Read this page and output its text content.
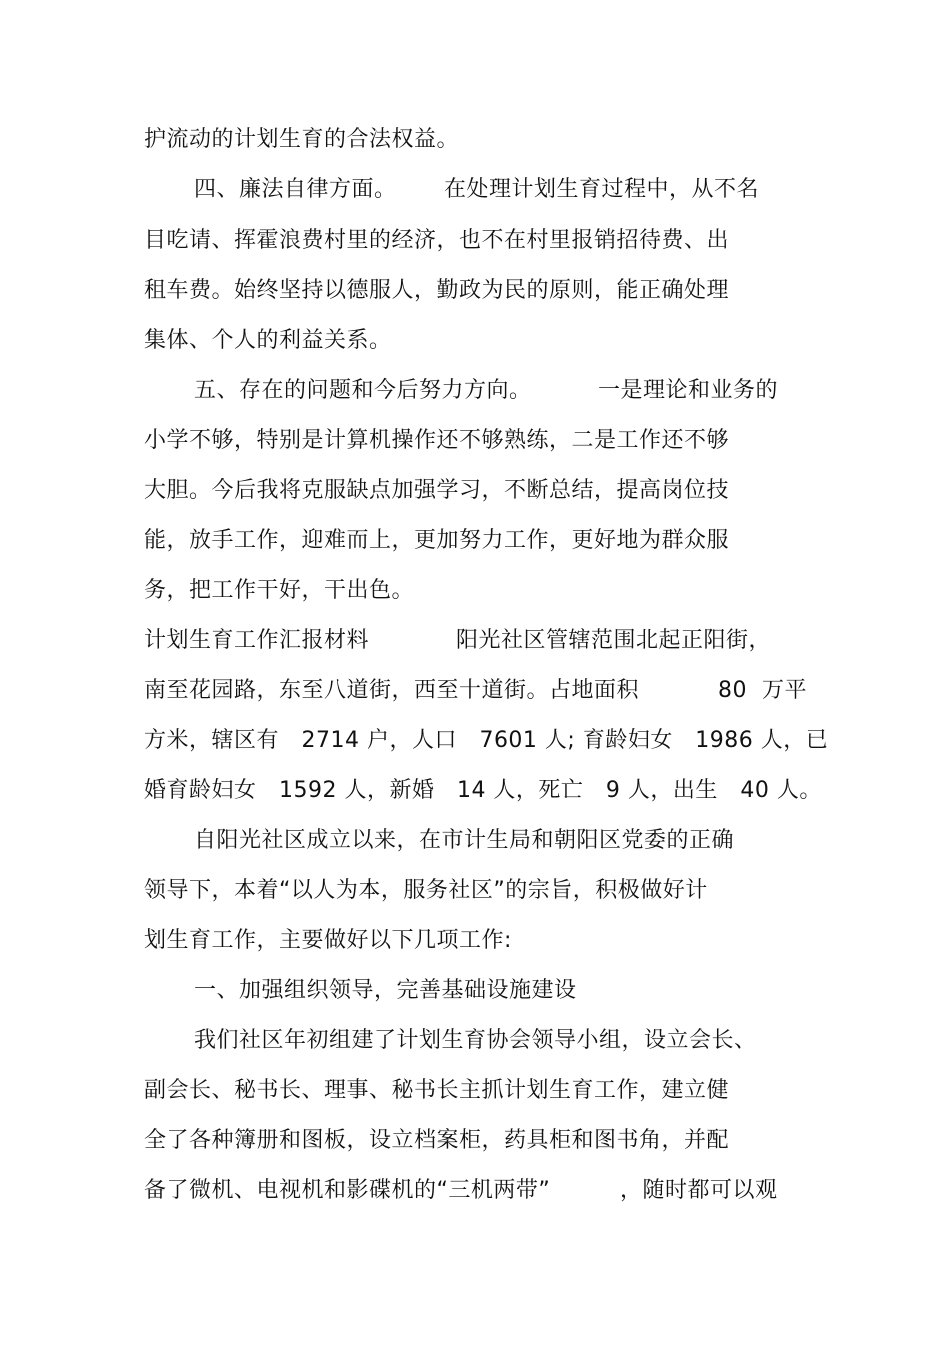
护流动的计划生育的合法权益。
四、廉法自律方面。 在处理计划生育过程中，从不名
目吃请、挥霍浪费村里的经济，也不在村里报销招待费、出
租车费。始终坚持以德服人，勤政为民的原则，能正确处理
集体、个人的利益关系。
五、存在的问题和今后努力方向。	一是理论和业务的
小学不够，特别是计算机操作还不够熟练，二是工作还不够
大胆。今后我将克服缺点加强学习，不断总结，提高岗位技
能，放手工作，迎难而上，更加努力工作，更好地为群众服
务，把工作干好，干出色。
计划生育工作汇报材料	阳光社区管辖范围北起正阳街，
南至花园路，东至八道街，西至十道街。占地面积	80  万平
方米，辖区有   2714 户，人口   7601 人; 育龄妇女   1986 人，已
婚育龄妇女   1592 人，新婚   14 人，死亡   9 人，出生   40 人。
自阳光社区成立以来，在市计生局和朝阳区党委的正确
领导下，本着“以人为本，服务社区”的宗旨，积极做好计
划生育工作，主要做好以下几项工作:
一、加强组织领导，完善基础设施建设
我们社区年初组建了计划生育协会领导小组，设立会长、
副会长、秘书长、理事、秘书长主抓计划生育工作，建立健
全了各种簿册和图板，设立档案柜，药具柜和图书角，并配
备了微机、电视机和影碟机的“三机两带”	，随时都可以观
